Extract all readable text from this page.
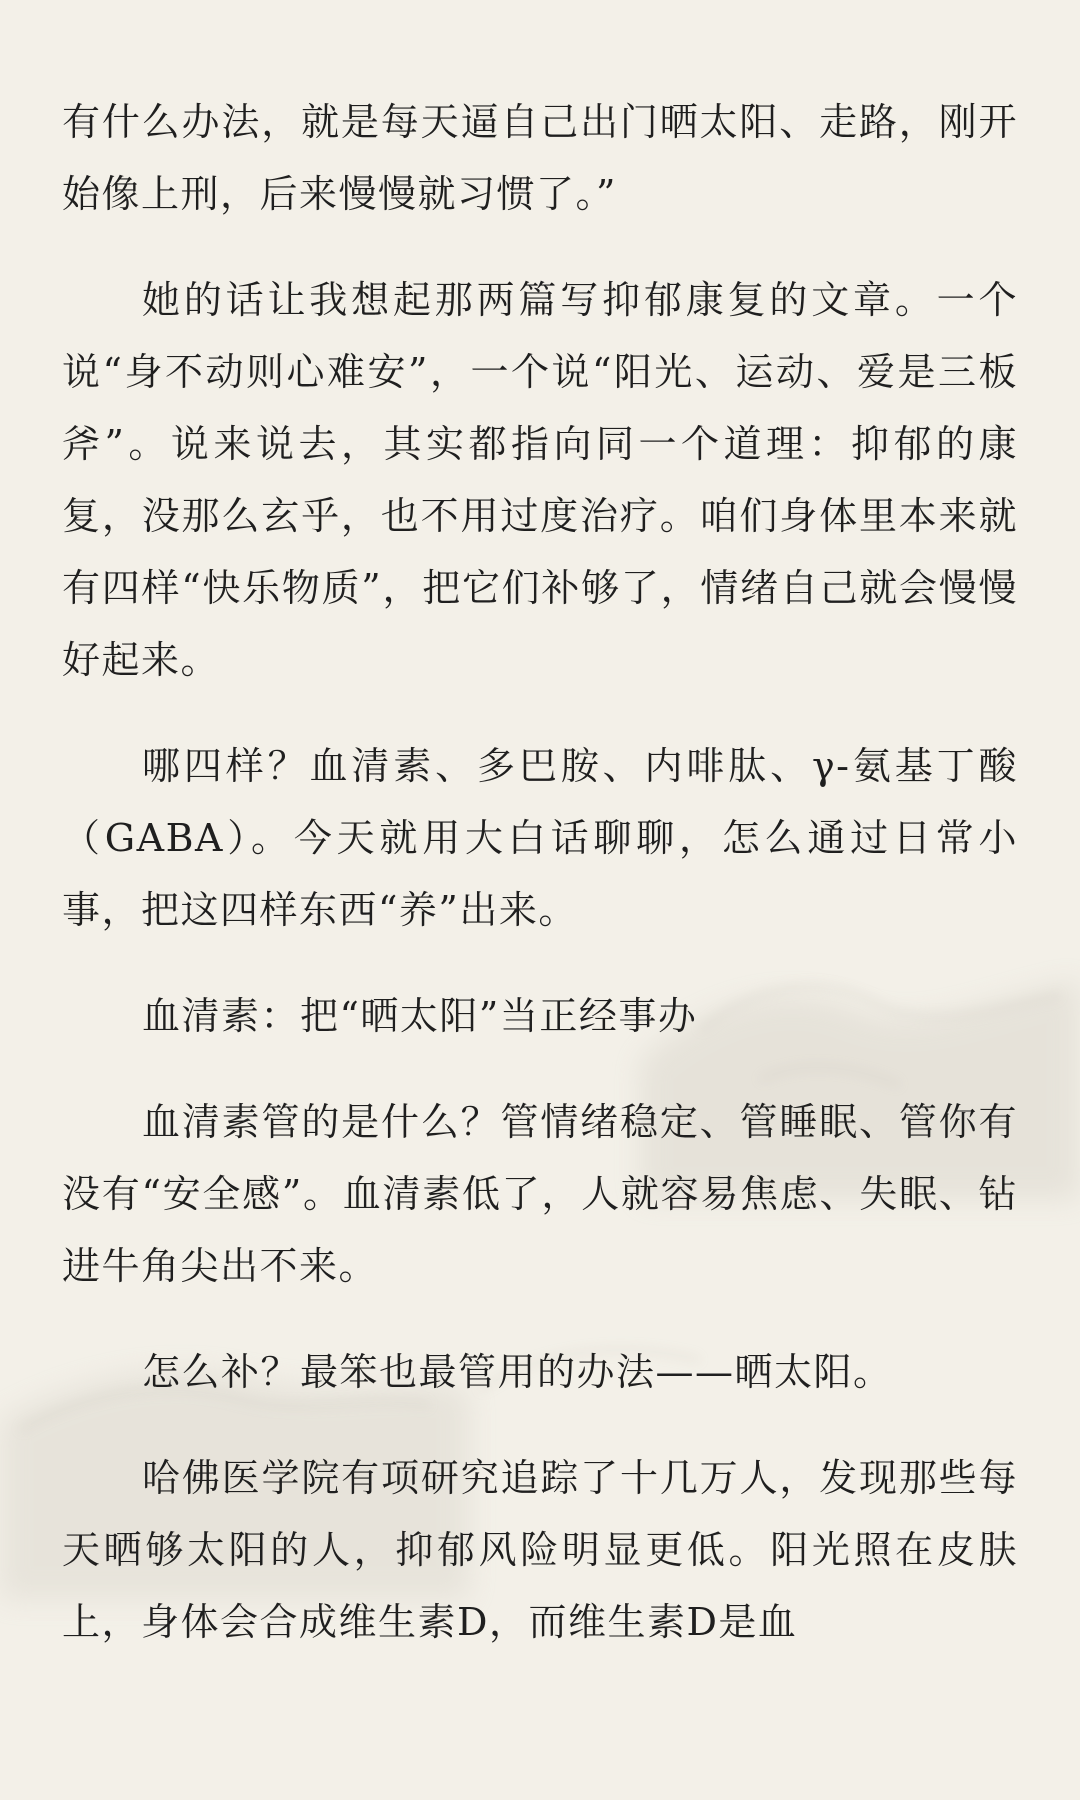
有什么办法，就是每天逼自己出门晒太阳、走路，刚开始像上刑，后来慢慢就习惯了。”

她的话让我想起那两篇写抑郁康复的文章。一个说“身不动则心难安”，一个说“阳光、运动、爱是三板斧”。说来说去，其实都指向同一个道理：抑郁的康复，没那么玄乎，也不用过度治疗。咱们身体里本来就有四样“快乐物质”，把它们补够了，情绪自己就会慢慢好起来。

哪四样？血清素、多巴胺、内啡肽、γ-氨基丁酸（GABA）。今天就用大白话聊聊，怎么通过日常小事，把这四样东西“养”出来。

血清素：把“晒太阳”当正经事办

血清素管的是什么？管情绪稳定、管睡眠、管你有没有“安全感”。血清素低了，人就容易焦虑、失眠、钻进牛角尖出不来。

怎么补？最笨也最管用的办法——晒太阳。

哈佛医学院有项研究追踪了十几万人，发现那些每天晒够太阳的人，抑郁风险明显更低。阳光照在皮肤上，身体会合成维生素D，而维生素D是血
